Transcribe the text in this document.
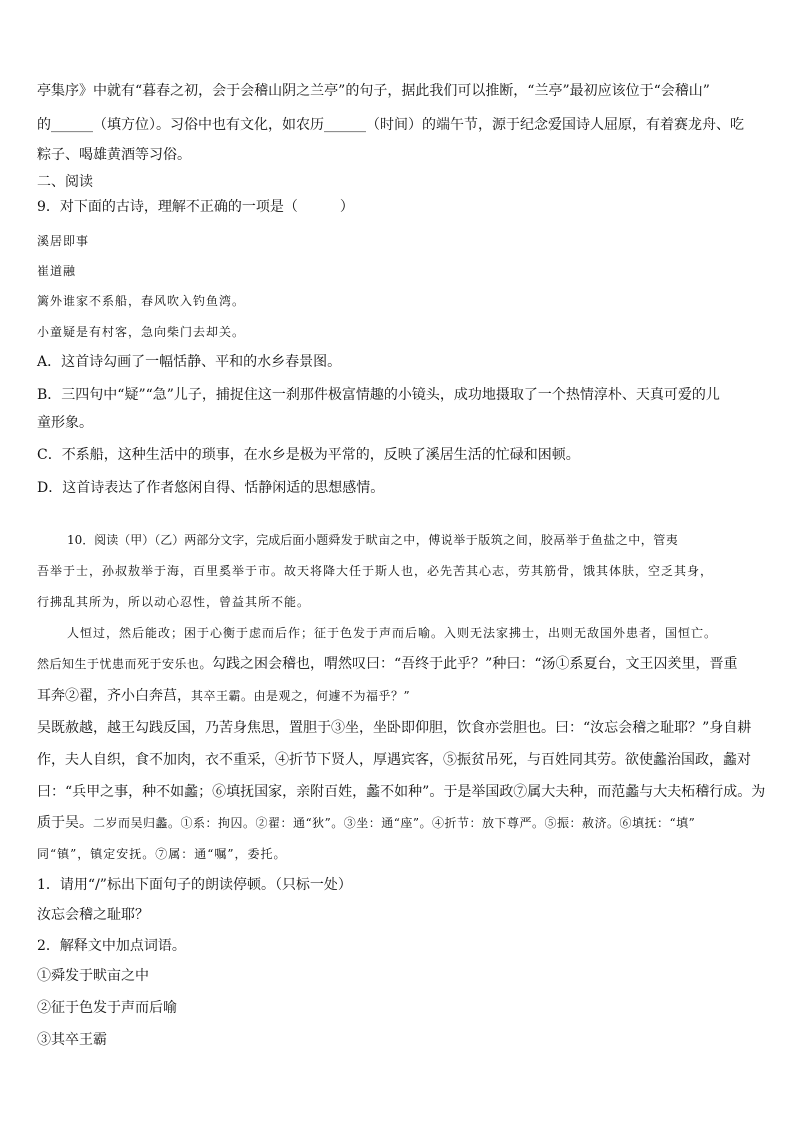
亭集序》中就有“暮春之初，会于会稽山阴之兰亭”的句子，据此我们可以推断，“兰亭”最初应该位于“会稽山”
的______（填方位）。习俗中也有文化，如农历______（时间）的端午节，源于纪念爱国诗人屈原，有着赛龙舟、吃
粽子、喝雄黄酒等习俗。
二、阅读
9．对下面的古诗，理解不正确的一项是（　　　）
溪居即事
崔道融
篱外谁家不系船，春风吹入钓鱼湾。
小童疑是有村客，急向柴门去却关。
A．这首诗勾画了一幅恬静、平和的水乡春景图。
B．三四句中“疑”“急”儿子，捕捉住这一刹那件极富情趣的小镜头，成功地摄取了一个热情淳朴、天真可爱的儿
童形象。
C．不系船，这种生活中的琐事，在水乡是极为平常的，反映了溪居生活的忙碌和困顿。
D．这首诗表达了作者悠闲自得、恬静闲适的思想感情。
10．阅读（甲）（乙）两部分文字，完成后面小题舜发于畎亩之中，傅说举于版筑之间，胶鬲举于鱼盐之中，管夷
吾举于士，孙叔敖举于海，百里奚举于市。故天将降大任于斯人也，必先苦其心志，劳其筋骨，饿其体肤，空乏其身，
行拂乱其所为，所以动心忍性，曾益其所不能。
人恒过，然后能改；困于心衡于虑而后作；征于色发于声而后喻。入则无法家拂士，出则无敌国外患者，国恒亡。
然后知生于忧患而死于安乐也。勾践之困会稽也，喟然叹曰：“吾终于此乎？”种曰：“汤①系夏台，文王囚羑里，晋重
耳奔②翟，齐小白奔莒，其卒王霸。由是观之，何遽不为福乎？”
吴既赦越，越王勾践反国，乃苦身焦思，置胆于③坐，坐卧即仰胆，饮食亦尝胆也。曰：“汝忘会稽之耻耶？”身自耕
作，夫人自织，食不加肉，衣不重采，④折节下贤人，厚遇宾客，⑤振贫吊死，与百姓同其劳。欲使蠡治国政，蠡对
曰：“兵甲之事，种不如蠡；⑥填抚国家，亲附百姓，蠡不如种”。于是举国政⑦属大夫种，而范蠡与大夫柘稽行成。为
质于吴。二岁而吴归蠡。①系：拘囚。②翟：通“狄”。③坐：通“座”。④折节：放下尊严。⑤振：赦济。⑥填抚：“填”
同“镇”，镇定安抚。⑦属：通“嘱”，委托。
1．请用“/”标出下面句子的朗读停顿。（只标一处）
汝忘会稽之耻耶？
2．解释文中加点词语。
①舜发于畎亩之中
②征于色发于声而后喻
③其卒王霸
